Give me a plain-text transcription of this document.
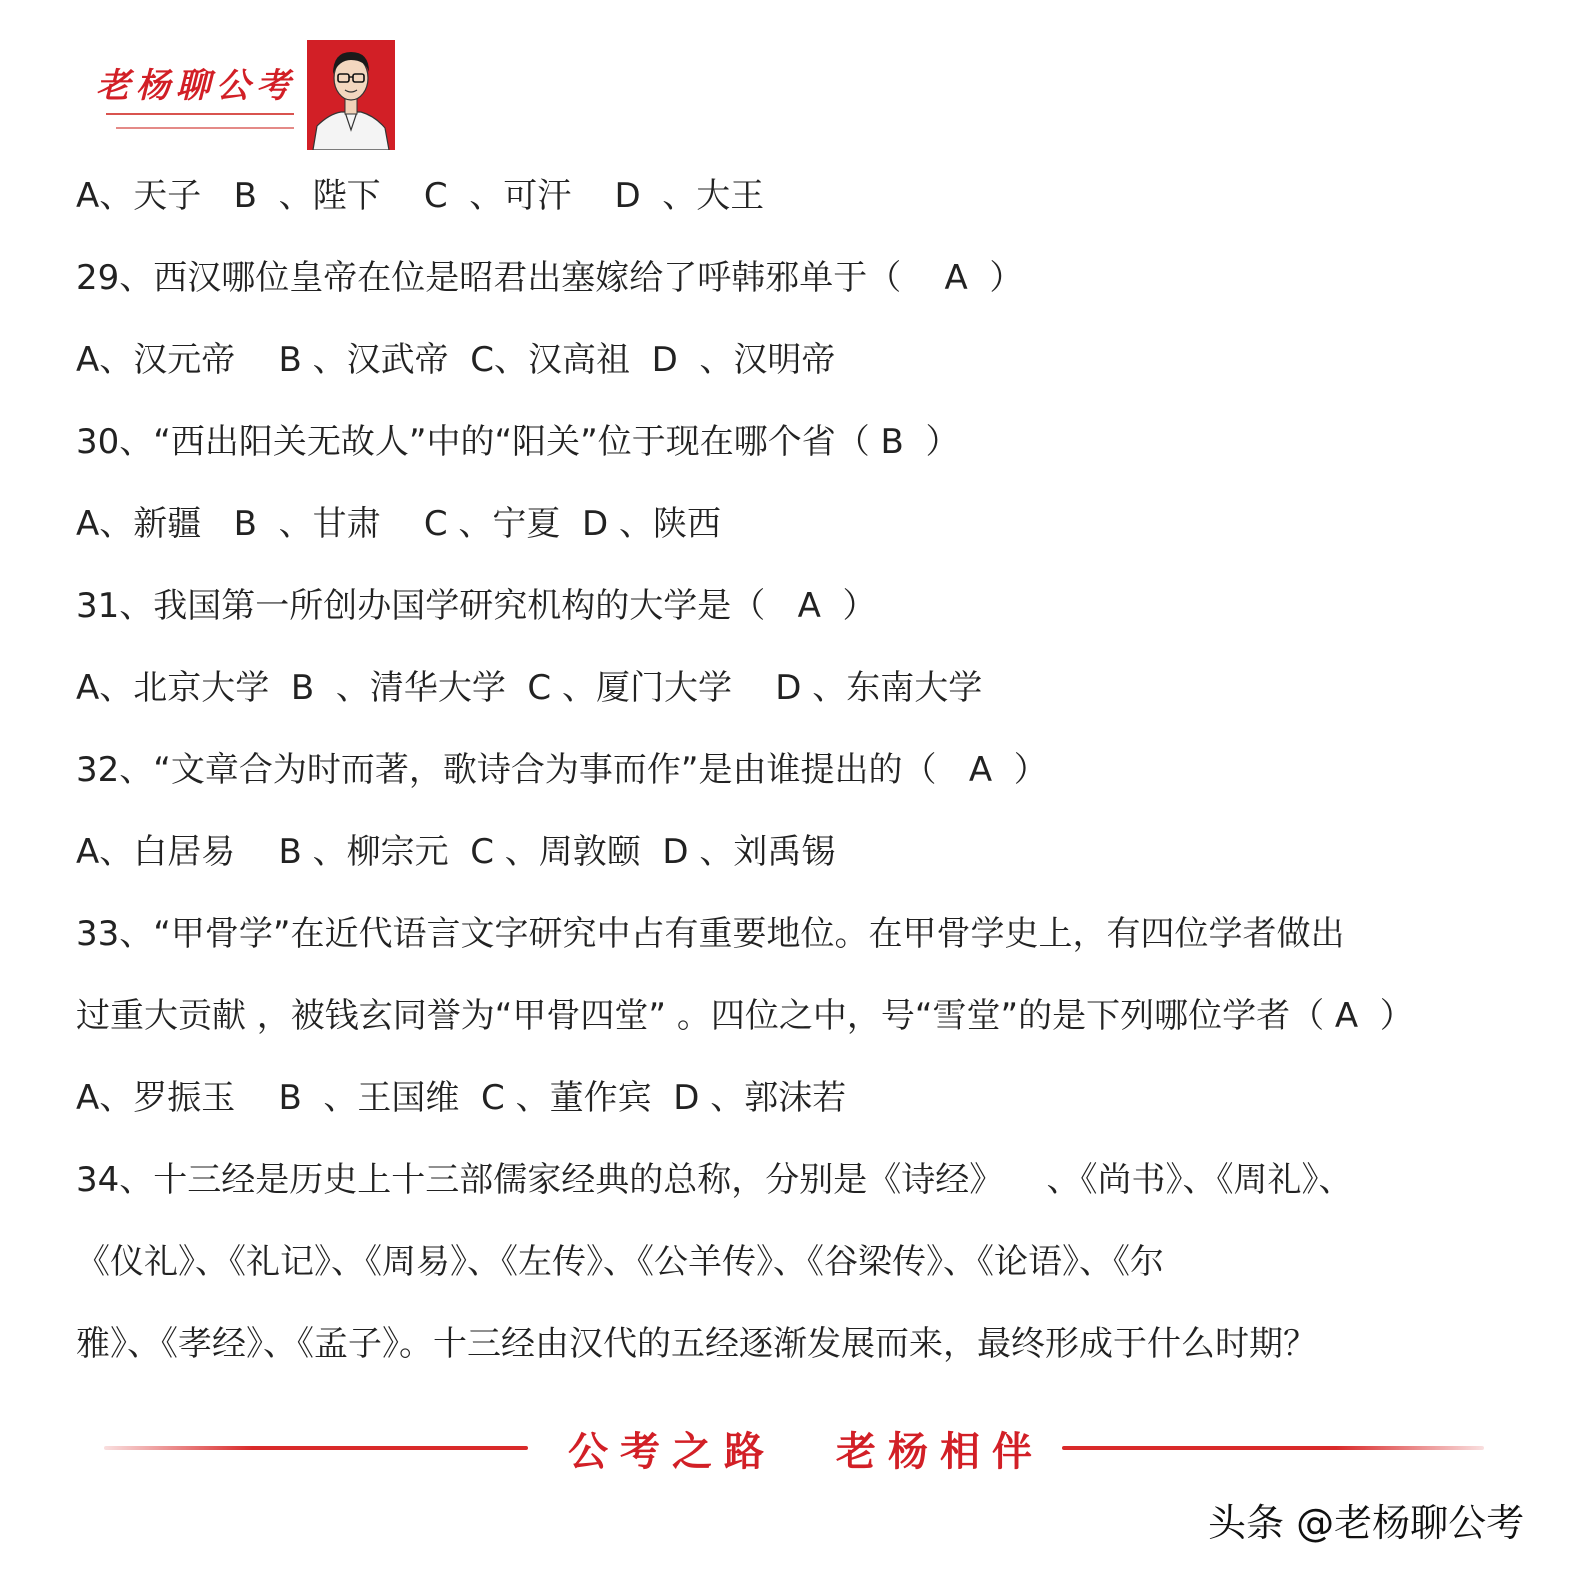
老杨聊公考
A、天子   B  、陛下    C  、可汗    D  、大王
29、西汉哪位皇帝在位是昭君出塞嫁给了呼韩邪单于（    A  ）
A、汉元帝    B 、汉武帝  C、汉高祖  D  、汉明帝
30、“西出阳关无故人”中的“阳关”位于现在哪个省（ B  ）
A、新疆   B  、甘肃    C 、宁夏  D 、陕西
31、我国第一所创办国学研究机构的大学是（   A  ）
A、北京大学  B  、清华大学  C 、厦门大学    D 、东南大学
32、“文章合为时而著，歌诗合为事而作”是由谁提出的（   A  ）
A、白居易    B 、柳宗元  C 、周敦颐  D 、刘禹锡
33、“甲骨学”在近代语言文字研究中占有重要地位。在甲骨学史上，有四位学者做出
过重大贡献 ，被钱玄同誉为“甲骨四堂” 。四位之中，号“雪堂”的是下列哪位学者（ A  ）
A、罗振玉    B  、王国维  C 、董作宾  D 、郭沫若
34、十三经是历史上十三部儒家经典的总称，分别是《诗经》    、《尚书》、《周礼》、
《仪礼》、《礼记》、《周易》、《左传》、《公羊传》、《谷梁传》、《论语》、《尔
雅》、《孝经》、《孟子》。十三经由汉代的五经逐渐发展而来，最终形成于什么时期？
公考之路 老杨相伴
头条 @老杨聊公考
